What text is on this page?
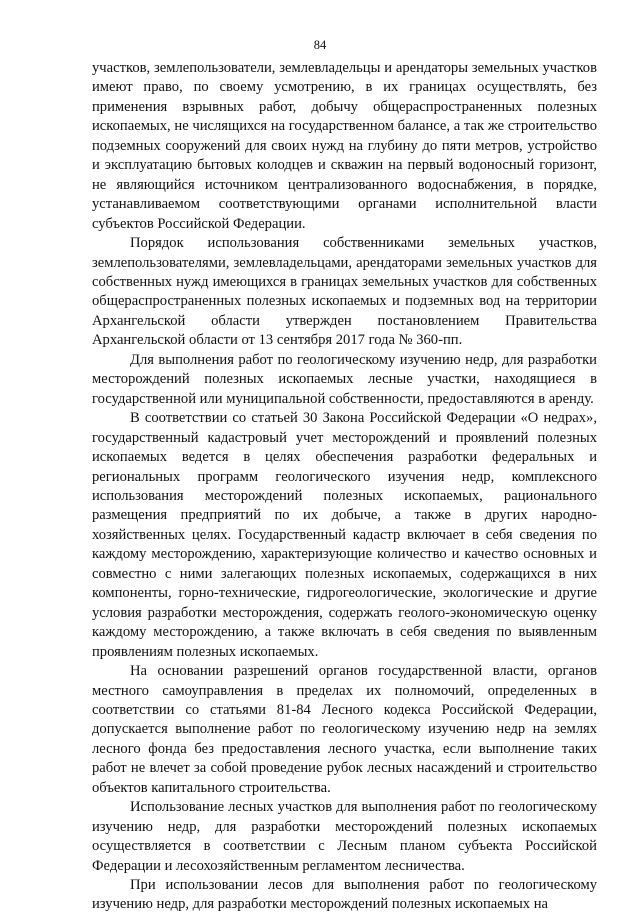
84

участков, землепользователи, землевладельцы и арендаторы земельных участков имеют право, по своему усмотрению, в их границах осуществлять, без применения взрывных работ, добычу общераспространенных полезных ископаемых, не числящихся на государственном балансе, а так же строительство подземных сооружений для своих нужд на глубину до пяти метров, устройство и эксплуатацию бытовых колодцев и скважин на первый водоносный горизонт, не являющийся источником централизованного водоснабжения, в порядке, устанавливаемом соответствующими органами исполнительной власти субъектов Российской Федерации.

Порядок использования собственниками земельных участков, землепользователями, землевладельцами, арендаторами земельных участков для собственных нужд имеющихся в границах земельных участков для собственных общераспространенных полезных ископаемых и подземных вод на территории Архангельской области утвержден постановлением Правительства Архангельской области от 13 сентября 2017 года № 360-пп.

Для выполнения работ по геологическому изучению недр, для разработки месторождений полезных ископаемых лесные участки, находящиеся в государственной или муниципальной собственности, предоставляются в аренду.

В соответствии со статьей 30 Закона Российской Федерации «О недрах», государственный кадастровый учет месторождений и проявлений полезных ископаемых ведется в целях обеспечения разработки федеральных и региональных программ геологического изучения недр, комплексного использования месторождений полезных ископаемых, рационального размещения предприятий по их добыче, а также в других народно-хозяйственных целях. Государственный кадастр включает в себя сведения по каждому месторождению, характеризующие количество и качество основных и совместно с ними залегающих полезных ископаемых, содержащихся в них компоненты, горно-технические, гидрогеологические, экологические и другие условия разработки месторождения, содержать геолого-экономическую оценку каждому месторождению, а также включать в себя сведения по выявленным проявлениям полезных ископаемых.

На основании разрешений органов государственной власти, органов местного самоуправления в пределах их полномочий, определенных в соответствии со статьями 81-84 Лесного кодекса Российской Федерации, допускается выполнение работ по геологическому изучению недр на землях лесного фонда без предоставления лесного участка, если выполнение таких работ не влечет за собой проведение рубок лесных насаждений и строительство объектов капитального строительства.

Использование лесных участков для выполнения работ по геологическому изучению недр, для разработки месторождений полезных ископаемых осуществляется в соответствии с Лесным планом субъекта Российской Федерации и лесохозяйственным регламентом лесничества.

При использовании лесов для выполнения работ по геологическому изучению недр, для разработки месторождений полезных ископаемых на
